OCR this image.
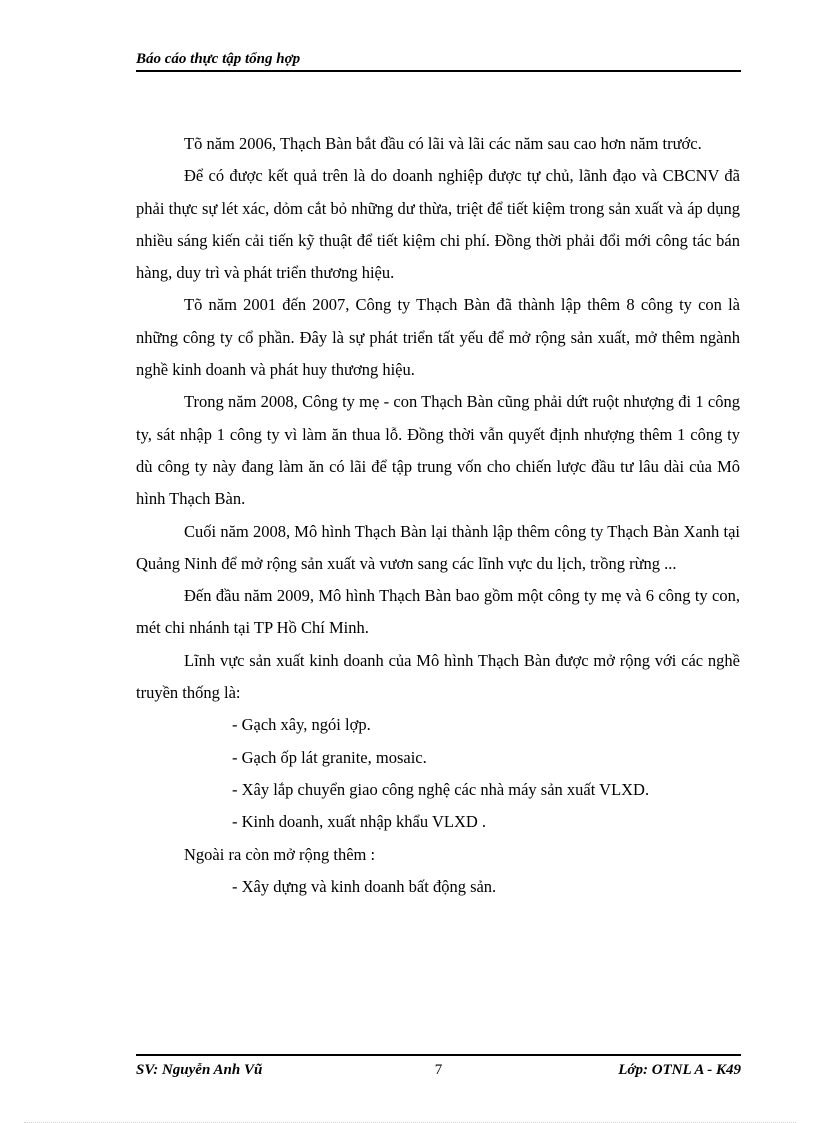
Báo cáo thực tập tổng hợp

Tõ năm 2006, Thạch Bàn bắt đầu có lãi và lãi các năm sau cao hơn năm trước.

Để có được kết quả trên là do doanh nghiệp được tự chủ, lãnh đạo và CBCNV đã phải thực sự lét xác, dỏm cắt bỏ những dư thừa, triệt để tiết kiệm trong sản xuất và áp dụng nhiều sáng kiến cải tiến kỹ thuật để tiết kiệm chi phí. Đồng thời phải đổi mới công tác bán hàng, duy trì và phát triển thương hiệu.

Tõ năm 2001 đến 2007, Công ty Thạch Bàn đã thành lập thêm 8 công ty con là những công ty cổ phần. Đây là sự phát triển tất yếu để mở rộng sản xuất, mở thêm ngành nghề kinh doanh và phát huy thương hiệu.

Trong năm 2008, Công ty mẹ - con Thạch Bàn cũng phải dứt ruột nhượng đi 1 công ty, sát nhập 1 công ty vì làm ăn thua lỗ. Đồng thời vẫn quyết định nhượng thêm 1 công ty dù công ty này đang làm ăn có lãi để tập trung vốn cho chiến lược đầu tư lâu dài của Mô hình Thạch Bàn.

Cuối năm 2008, Mô hình Thạch Bàn lại thành lập thêm công ty Thạch Bàn Xanh tại Quảng Ninh để mở rộng sản xuất và vươn sang các lĩnh vực du lịch, trồng rừng ...

Đến đầu năm 2009, Mô hình Thạch Bàn bao gồm một công ty mẹ và 6 công ty con, mét chi nhánh tại TP Hồ Chí Minh.

Lĩnh vực sản xuất kinh doanh của Mô hình Thạch Bàn được mở rộng với các nghề truyền thống là:

- Gạch xây, ngói lợp.

- Gạch ốp lát granite, mosaic.

- Xây lắp chuyển giao công nghệ các nhà máy sản xuất VLXD.

- Kinh doanh, xuất nhập khẩu VLXD .

Ngoài ra còn mở rộng thêm :

- Xây dựng và kinh doanh bất động sản.

SV: Nguyễn Anh Vũ	7	Lớp: OTNL A - K49
